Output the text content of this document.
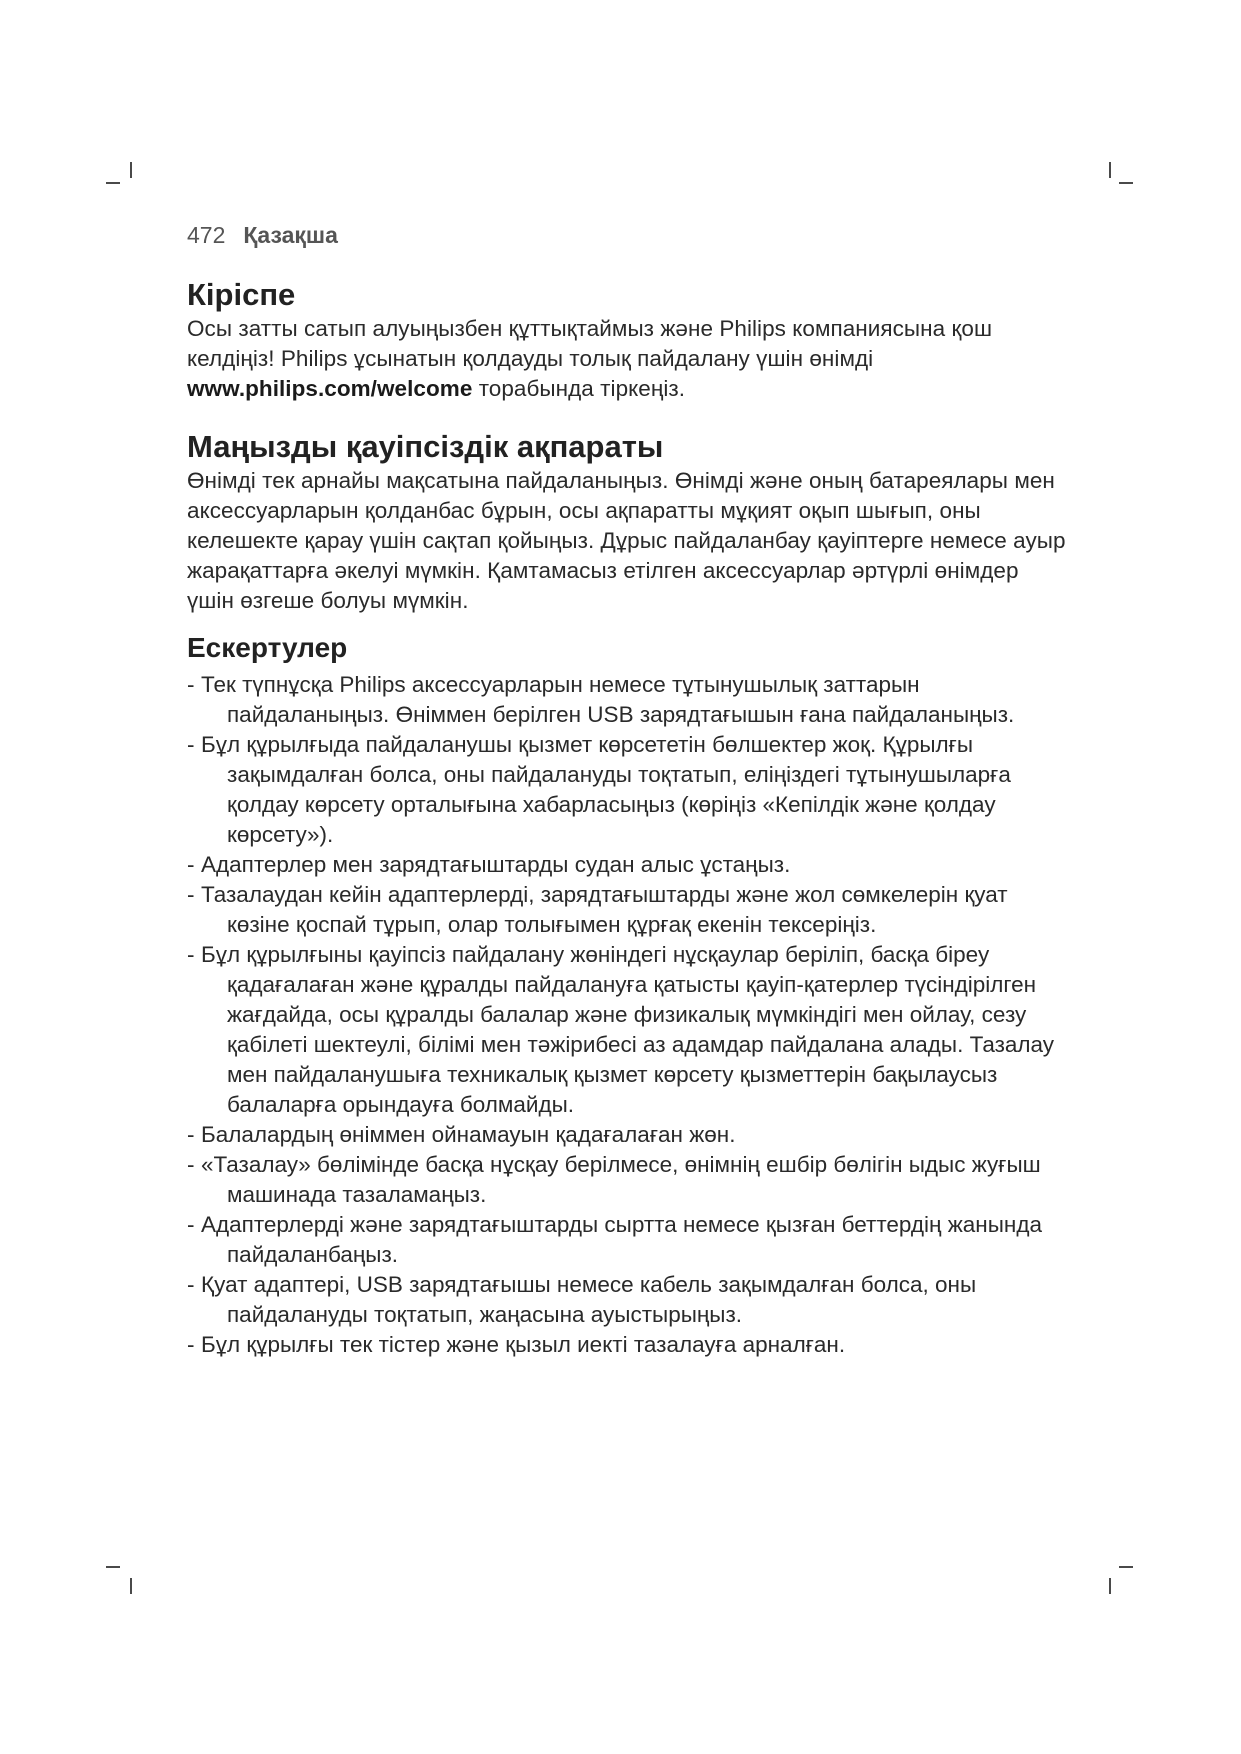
472 Қазақша
Кіріспе

Осы затты сатып алуыңызбен құттықтаймыз және Philips компаниясына қош келдіңіз! Philips ұсынатын қолдауды толық пайдалану үшін өнімді www.philips.com/welcome торабында тіркеңіз.

Маңызды қауіпсіздік ақпараты

Өнімді тек арнайы мақсатына пайдаланыңыз. Өнімді және оның батареялары мен аксессуарларын қолданбас бұрын, осы ақпаратты мұқият оқып шығып, оны келешекте қарау үшін сақтап қойыңыз. Дұрыс пайдаланбау қауіптерге немесе ауыр жарақаттарға әкелуі мүмкін. Қамтамасыз етілген аксессуарлар әртүрлі өнімдер үшін өзгеше болуы мүмкін.

Ескертулер
- Тек түпнұсқа Philips аксессуарларын немесе тұтынушылық заттарын пайдаланыңыз. Өніммен берілген USB зарядтағышын ғана пайдаланыңыз.
- Бұл құрылғыда пайдаланушы қызмет көрсететін бөлшектер жоқ. Құрылғы зақымдалған болса, оны пайдалануды тоқтатып, еліңіздегі тұтынушыларға қолдау көрсету орталығына хабарласыңыз (көріңіз «Кепілдік және қолдау көрсету»).
- Адаптерлер мен зарядтағыштарды судан алыс ұстаңыз.
- Тазалаудан кейін адаптерлерді, зарядтағыштарды және жол сөмкелерін қуат көзіне қоспай тұрып, олар толығымен құрғақ екенін тексеріңіз.
- Бұл құрылғыны қауіпсіз пайдалану жөніндегі нұсқаулар беріліп, басқа біреу қадағалаған және құралды пайдалануға қатысты қауіп-қатерлер түсіндірілген жағдайда, осы құралды балалар және физикалық мүмкіндігі мен ойлау, сезу қабілеті шектеулі, білімі мен тәжірибесі аз адамдар пайдалана алады. Тазалау мен пайдаланушыға техникалық қызмет көрсету қызметтерін бақылаусыз балаларға орындауға болмайды.
- Балалардың өніммен ойнамауын қадағалаған жөн.
- «Тазалау» бөлімінде басқа нұсқау берілмесе, өнімнің ешбір бөлігін ыдыс жуғыш машинада тазаламаңыз.
- Адаптерлерді және зарядтағыштарды сыртта немесе қызған беттердің жанында пайдаланбаңыз.
- Қуат адаптері, USB зарядтағышы немесе кабель зақымдалған болса, оны пайдалануды тоқтатып, жаңасына ауыстырыңыз.
- Бұл құрылғы тек тістер және қызыл иекті тазалауға арналған.
